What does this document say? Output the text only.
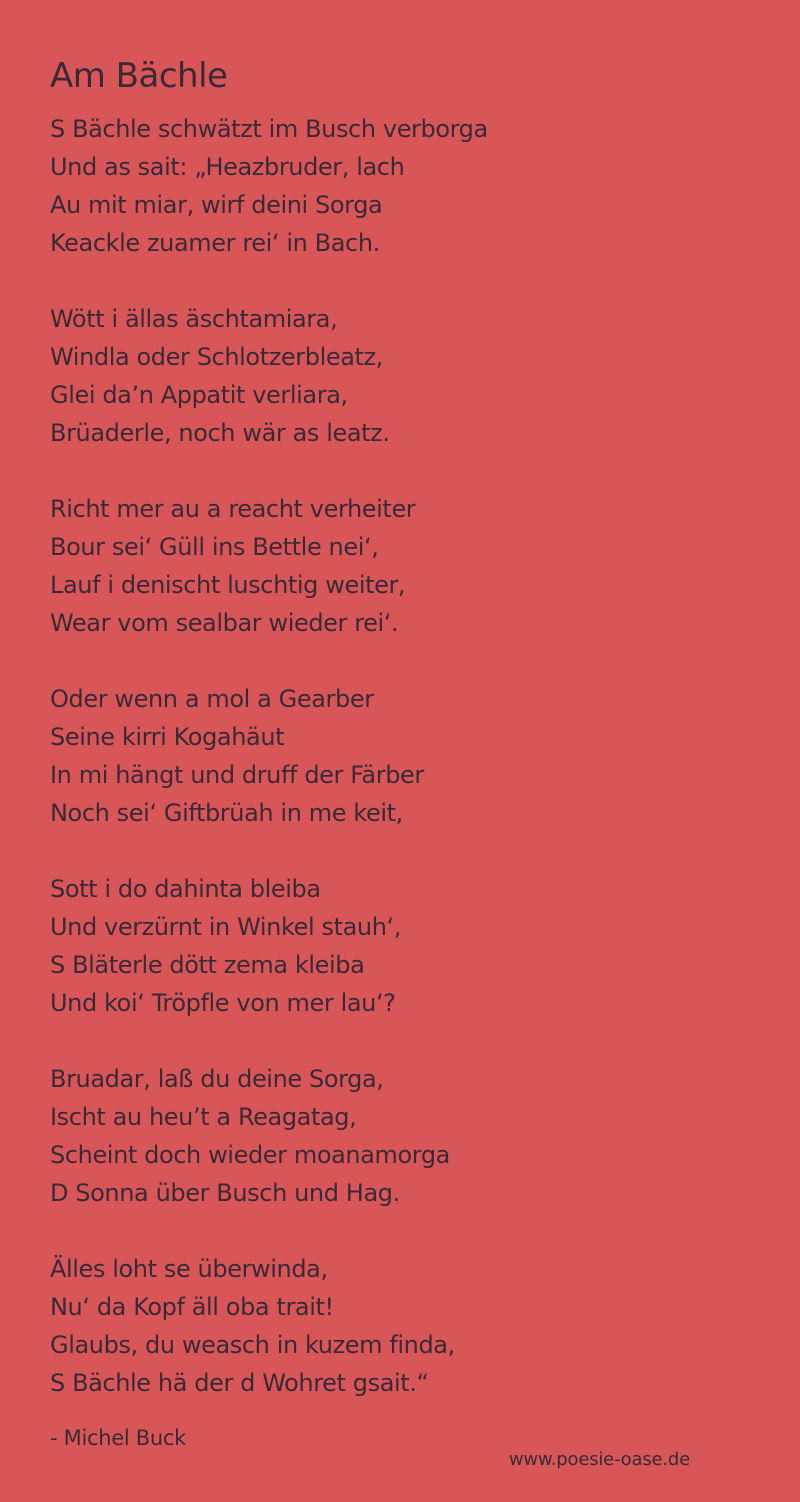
Am Bächle
S Bächle schwätzt im Busch verborga
Und as sait: „Heazbruder, lach
Au mit miar, wirf deini Sorga
Keackle zuamer rei‘ in Bach.
Wött i ällas äschtamiara,
Windla oder Schlotzerbleatz,
Glei da’n Appatit verliara,
Brüaderle, noch wär as leatz.
Richt mer au a reacht verheiter
Bour sei‘ Güll ins Bettle nei‘,
Lauf i denischt luschtig weiter,
Wear vom sealbar wieder rei‘.
Oder wenn a mol a Gearber
Seine kirri Kogahäut
In mi hängt und druff der Färber
Noch sei‘ Giftbrüah in me keit,
Sott i do dahinta bleiba
Und verzürnt in Winkel stauh‘,
S Bläterle dött zema kleiba
Und koi‘ Tröpfle von mer lau‘?
Bruadar, laß du deine Sorga,
Ischt au heu’t a Reagatag,
Scheint doch wieder moanamorga
D Sonna über Busch und Hag.
Älles loht se überwinda,
Nu‘ da Kopf äll oba trait!
Glaubs, du weasch in kuzem finda,
S Bächle hä der d Wohret gsait.“
- Michel Buck
www.poesie-oase.de
